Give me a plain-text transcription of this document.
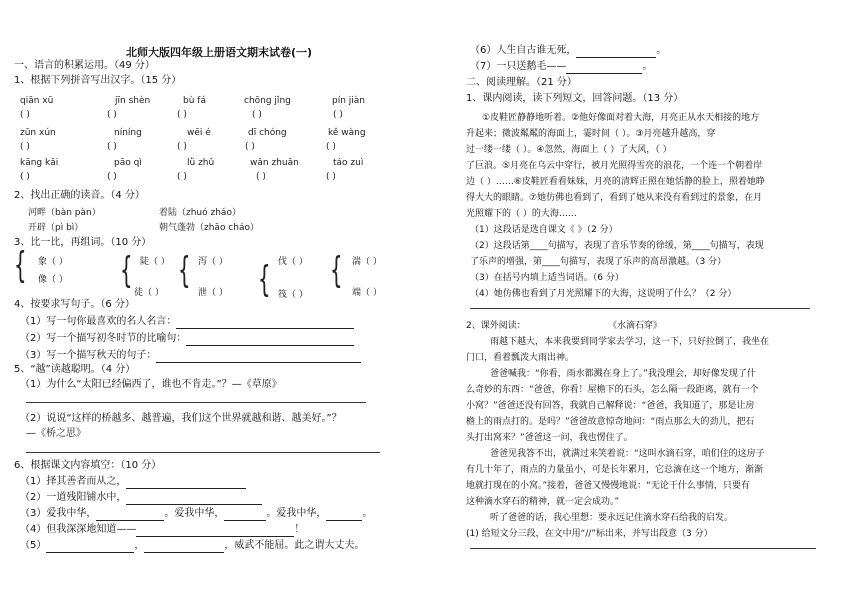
北师大版四年级上册语文期末试卷(一)
一、语言的积累运用。（49 分）
1、根据下列拼音写出汉字。（15 分）
qiān xū	jīn shèn	bù fá	chōng jǐng	pín jiàn
( )	( )	( )	( )	( )
zūn xún	níníng	wēi é	dī chóng	kě wàng
( )	( )	( )	( )	( )
kāng kǎi	pāo qì	lǜ zhǔ	wǎn zhuǎn	táo zuì
( )	( )	( )	( )	( )
2、找出正确的读音。（4 分）
河畔（bàn pàn）	着陆（zhuó zháo）
开辟（pì bì）	朝气蓬勃（zhāo cháo）
3、比一比，再组词。（10 分）
{ 象（ ）
像（ ） { 陡（ ）
徒（ ）
{ 泻（ ）
泄（ ） { 伐（ ）
筏（ ）
{ 湍（ ）
端（ ）
4、按要求写句子。（6 分）
（1）写一句你最喜欢的名人名言：
（2）写一个描写初冬时节的比喻句：
（3）写一个描写秋天的句子：
5、“越”读越聪明。（4 分）
（1）为什么“太阳已经偏西了，谁也不肯走。”？—《草原》
（2）说说“这样的桥越多、越普遍，我们这个世界就越和谐、越美好。”？
—《桥之思》
6、根据课文内容填空：（10 分）
（1）择其善者而从之，
（2）一道残阳铺水中，
（3）爱我中华，	。爱我中华，	。爱我中华，	。
（4）但我深深地知道——	！
（5）	，	，威武不能屈。此之谓大丈夫。
（6）人生自古谁无死，	。
（7）一只送鹅毛——	。
二、阅读理解。（21 分）
1、课内阅读，读下列短文，回答问题。（13 分）
①皮鞋匠静静地听着。②他好像面对着大海，月亮正从水天相接的地方
升起来；微波粼粼的海面上，霎时间（ ）。③月亮越升越高，穿
过一缕一缕（ ）。④忽然，海面上（ ）了大风，（ ）
了巨浪。⑤月亮在乌云中穿行，被月光照得雪亮的浪花，一个连一个朝着岸
边（ ）……⑥皮鞋匠看看妹妹，月亮的清辉正照在她恬静的脸上，照着她睁
得大大的眼睛。⑦她仿佛也看到了，看到了她从来没有看到过的景象，在月
光照耀下的（ ）的大海……
（1）这段话是选自课文《 》（2 分）
（2）这段话第____句描写，表现了音乐节奏的徐缓，第____句描写，表现
了乐声的增强，第____句描写，表现了乐声的高昂激越。（3 分）
（3）在括号内填上适当词语。（6 分）
（4）她仿佛也看到了月光照耀下的大海，这说明了什么？（2 分）
2、课外阅读：	《水滴石穿》
雨越下越大，本来我要到同学家去学习，这一下，只好拉倒了，我坐在
门口，看着瓢泼大雨出神。
爸爸喊我：“你看，雨水都溅在身上了。”我没理会，却好像发现了什
么奇妙的东西：“爸爸，你看！屋檐下的石头，怎么隔一段距离，就有一个
小窝？”爸爸还没有回答，我就自己解释说：“爸爸，我知道了，那是让房
檐上的雨点打的。是吗？”爸爸故意惊奇地问：“雨点那么大的劲儿，把石
头打出窝来？”爸爸这一问，我也愣住了。
爸爸见我答不出，就满过来笑着说：“这叫水滴石穿，咱们住的这房子
有几十年了，雨点的力量虽小，可是长年累月，它总滴在这一个地方，渐渐
地就打现在的小窝。”接着，爸爸又慢慢地说：“无论干什么事情，只要有
这种滴水穿石的精神，就一定会成功。”
听了爸爸的话，我心里想：要永远记住滴水穿石给我的启发。
(1) 给短文分三段，在文中用“//”标出来，并写出段意（3 分）
